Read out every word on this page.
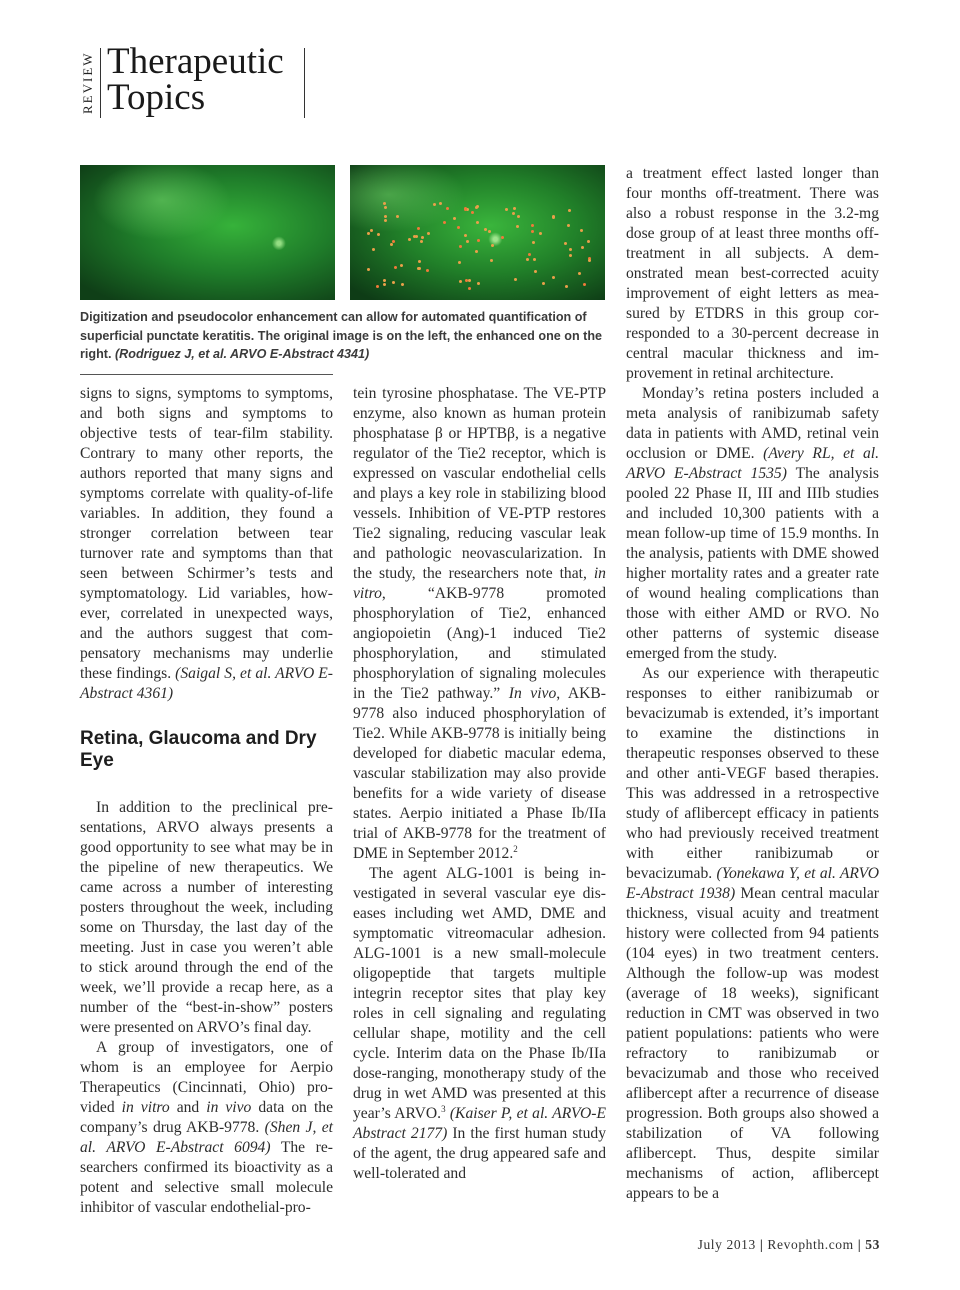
REVIEW Therapeutic
Topics

Digitization and pseudocolor enhancement can allow for automated quantification of superficial punctate keratitis. The original image is on the left, the enhanced one on the right. (Rodriguez J, et al. ARVO E-Abstract 4341)

signs to signs, symptoms to symptoms, and both signs and symptoms to objective tests of tear-film stability. Contrary to many other reports, the authors reported that many signs and symptoms correlate with quality-of-life variables. In addition, they found a stronger correlation between tear turnover rate and symptoms than that seen between Schirmer’s tests and symptomatology. Lid variables, however, correlated in unexpected ways, and the authors suggest that compensatory mechanisms may underlie these findings. (Saigal S, et al. ARVO E-Abstract 4361)

Retina, Glaucoma and Dry Eye

In addition to the preclinical presentations, ARVO always presents a good opportunity to see what may be in the pipeline of new therapeutics. We came across a number of interesting posters throughout the week, including some on Thursday, the last day of the meeting. Just in case you weren’t able to stick around through the end of the week, we’ll provide a recap here, as a number of the “best-in-show” posters were presented on ARVO’s final day.

A group of investigators, one of whom is an employee for Aerpio Therapeutics (Cincinnati, Ohio) provided in vitro and in vivo data on the company’s drug AKB-9778. (Shen J, et al. ARVO E-Abstract 6094) The researchers confirmed its bioactivity as a potent and selective small molecule inhibitor of vascular endothelial-pro-

tein tyrosine phosphatase. The VE-PTP enzyme, also known as human protein phosphatase β or HPTBβ, is a negative regulator of the Tie2 receptor, which is expressed on vascular endothelial cells and plays a key role in stabilizing blood vessels. Inhibition of VE-PTP restores Tie2 signaling, reducing vascular leak and pathologic neovascularization. In the study, the researchers note that, in vitro, “AKB-9778 promoted phosphorylation of Tie2, enhanced angiopoietin (Ang)-1 induced Tie2 phosphorylation, and stimulated phosphorylation of signaling molecules in the Tie2 pathway.” In vivo, AKB-9778 also induced phosphorylation of Tie2. While AKB-9778 is initially being developed for diabetic macular edema, vascular stabilization may also provide benefits for a wide variety of disease states. Aerpio initiated a Phase Ib/IIa trial of AKB-9778 for the treatment of DME in September 2012.$^2$

The agent ALG-1001 is being investigated in several vascular eye diseases including wet AMD, DME and symptomatic vitreomacular adhesion. ALG-1001 is a new small-molecule oligopeptide that targets multiple integrin receptor sites that play key roles in cell signaling and regulating cellular shape, motility and the cell cycle. Interim data on the Phase Ib/IIa dose-ranging, monotherapy study of the drug in wet AMD was presented at this year’s ARVO.$^3$ (Kaiser P, et al. ARVO-E Abstract 2177) In the first human study of the agent, the drug appeared safe and well-tolerated and

a treatment effect lasted longer than four months off-treatment. There was also a robust response in the 3.2-mg dose group of at least three months off-treatment in all subjects. A demonstrated mean best-corrected acuity improvement of eight letters as measured by ETDRS in this group corresponded to a 30-percent decrease in central macular thickness and improvement in retinal architecture.

Monday’s retina posters included a meta analysis of ranibizumab safety data in patients with AMD, retinal vein occlusion or DME. (Avery RL, et al. ARVO E-Abstract 1535) The analysis pooled 22 Phase II, III and IIIb studies and included 10,300 patients with a mean follow-up time of 15.9 months. In the analysis, patients with DME showed higher mortality rates and a greater rate of wound healing complications than those with either AMD or RVO. No other patterns of systemic disease emerged from the study.

As our experience with therapeutic responses to either ranibizumab or bevacizumab is extended, it’s important to examine the distinctions in therapeutic responses observed to these and other anti-VEGF based therapies. This was addressed in a retrospective study of aflibercept efficacy in patients who had previously received treatment with either ranibizumab or bevacizumab. (Yonekawa Y, et al. ARVO E-Abstract 1938) Mean central macular thickness, visual acuity and treatment history were collected from 94 patients (104 eyes) in two treatment centers. Although the follow-up was modest (average of 18 weeks), significant reduction in CMT was observed in two patient populations: patients who were refractory to ranibizumab or bevacizumab and those who received aflibercept after a recurrence of disease progression. Both groups also showed a stabilization of VA following aflibercept. Thus, despite similar mechanisms of action, aflibercept appears to be a

July 2013 | Revophth.com | 53
